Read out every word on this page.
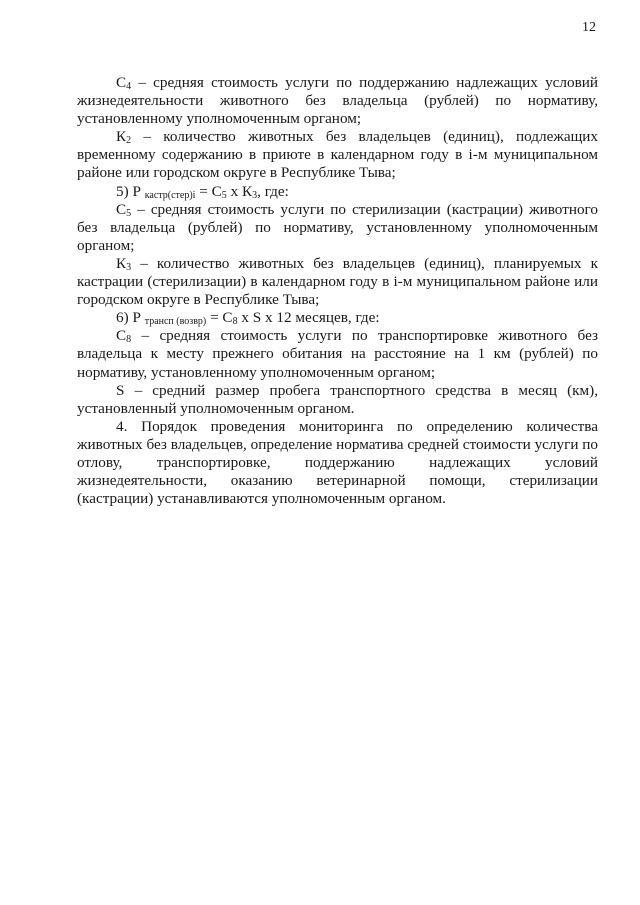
12

$С_4$ – средняя стоимость услуги по поддержанию надлежащих условий жизнедеятельности животного без владельца (рублей) по нормативу, установленному уполномоченным органом;

$К_2$ – количество животных без владельцев (единиц), подлежащих временному содержанию в приюте в календарном году в i-м муниципальном районе или городском округе в Республике Тыва;

5) Р $_{кастр(стер)i} = С_5$ х $К_3$, где:

$С_5$ – средняя стоимость услуги по стерилизации (кастрации) животного без владельца (рублей) по нормативу, установленному уполномоченным органом;

$К_3$ – количество животных без владельцев (единиц), планируемых к кастрации (стерилизации) в календарном году в i-м муниципальном районе или городском округе в Республике Тыва;

6) Р $_{трансп (возвр)} = С_8$ х S х 12 месяцев, где:

$С_8$ – средняя стоимость услуги по транспортировке животного без владельца к месту прежнего обитания на расстояние на 1 км (рублей) по нормативу, установленному уполномоченным органом;

S – средний размер пробега транспортного средства в месяц (км), установленный уполномоченным органом.

4. Порядок проведения мониторинга по определению количества животных без владельцев, определение норматива средней стоимости услуги по отлову, транспортировке, поддержанию надлежащих условий жизнедеятельности, оказанию ветеринарной помощи, стерилизации (кастрации) устанавливаются уполномоченным органом.
